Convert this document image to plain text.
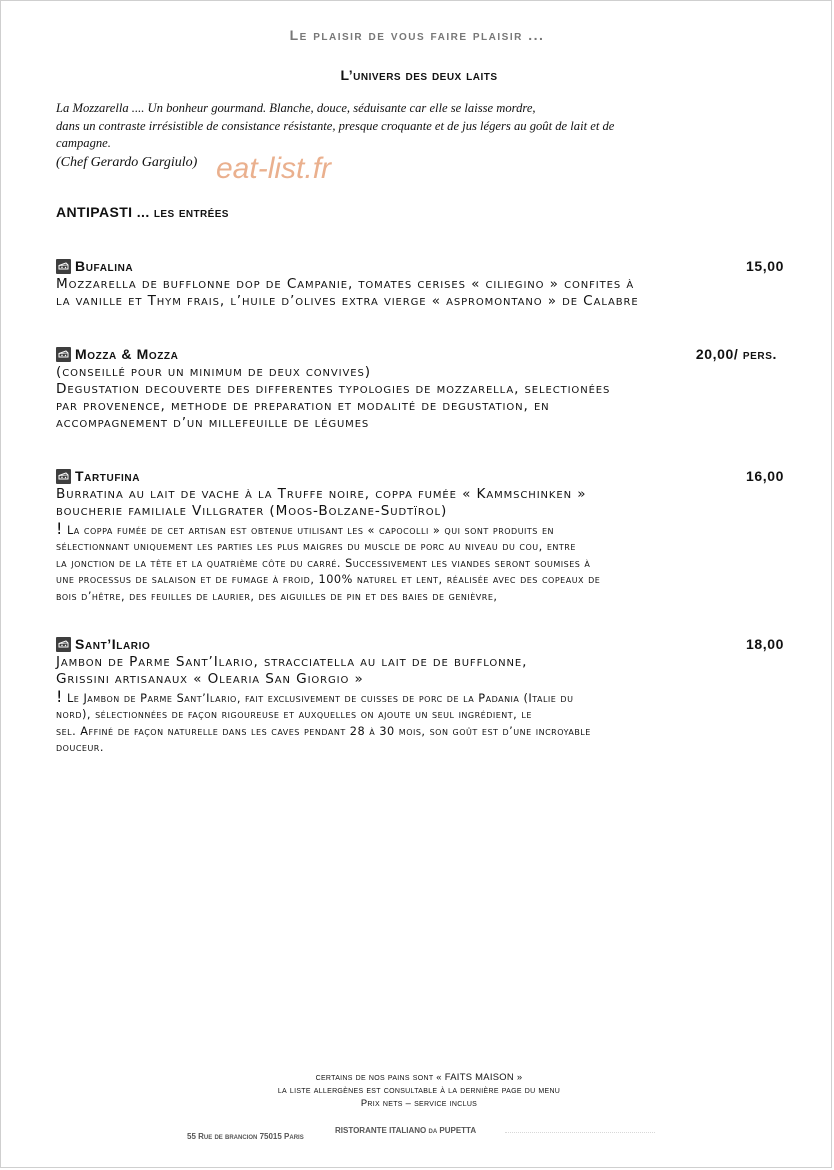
Le plaisir de vous faire plaisir ...
L’univers des deux laits

La Mozzarella .... Un bonheur gourmand. Blanche, douce, séduisante car elle se laisse mordre,

dans un contraste irrésistible de consistance résistante, presque croquante et de jus légers au goût de lait et de

campagne.

(Chef Gerardo Gargiulo) eat-list.fr
ANTIPASTI ... les entrées
Bufalina	15,00
Mozzarella de bufflonne dop de Campanie, tomates cerises « ciliegino » confites à
la vanille et Thym frais, l’huile d’olives extra vierge « aspromontano » de Calabre
Mozza & Mozza	20,00/ pers.
(conseillé pour un minimum de deux convives)
Degustation decouverte des differentes typologies de mozzarella, selectionées
par provenence, methode de preparation et modalité de degustation, en
accompagnement d’un millefeuille de légumes
Tartufina	16,00
Burratina au lait de vache à la Truffe noire, coppa fumée « Kammschinken »
boucherie familiale Villgrater (Moos-Bolzane-Sudtïrol)
! La coppa fumée de cet artisan est obtenue utilisant les « capocolli » qui sont produits en
sélectionnant uniquement les parties les plus maigres du muscle de porc au niveau du cou, entre
la jonction de la tête et la quatrième côte du carré. Successivement les viandes seront soumises à
une processus de salaison et de fumage à froid, 100% naturel et lent, réalisée avec des copeaux de
bois d’hêtre, des feuilles de laurier, des aiguilles de pin et des baies de genièvre,
Sant’Ilario	18,00
Jambon de Parme Sant’Ilario, stracciatella au lait de de bufflonne,
Grissini artisanaux « Olearia San Giorgio »
! Le Jambon de Parme Sant’Ilario, fait exclusivement de cuisses de porc de la Padania (Italie du
nord), sélectionnées de façon rigoureuse et auxquelles on ajoute un seul ingrédient, le
sel. Affiné de façon naturelle dans les caves pendant 28 à 30 mois, son goût est d’une incroyable
douceur.
certains de nos pains sont « FAITS MAISON »
la liste allergènes est consultable à la dernière page du menu
Prix nets – service inclus
RISTORANTE ITALIANO da PUPETTA
55 Rue de brancion 75015 Paris
